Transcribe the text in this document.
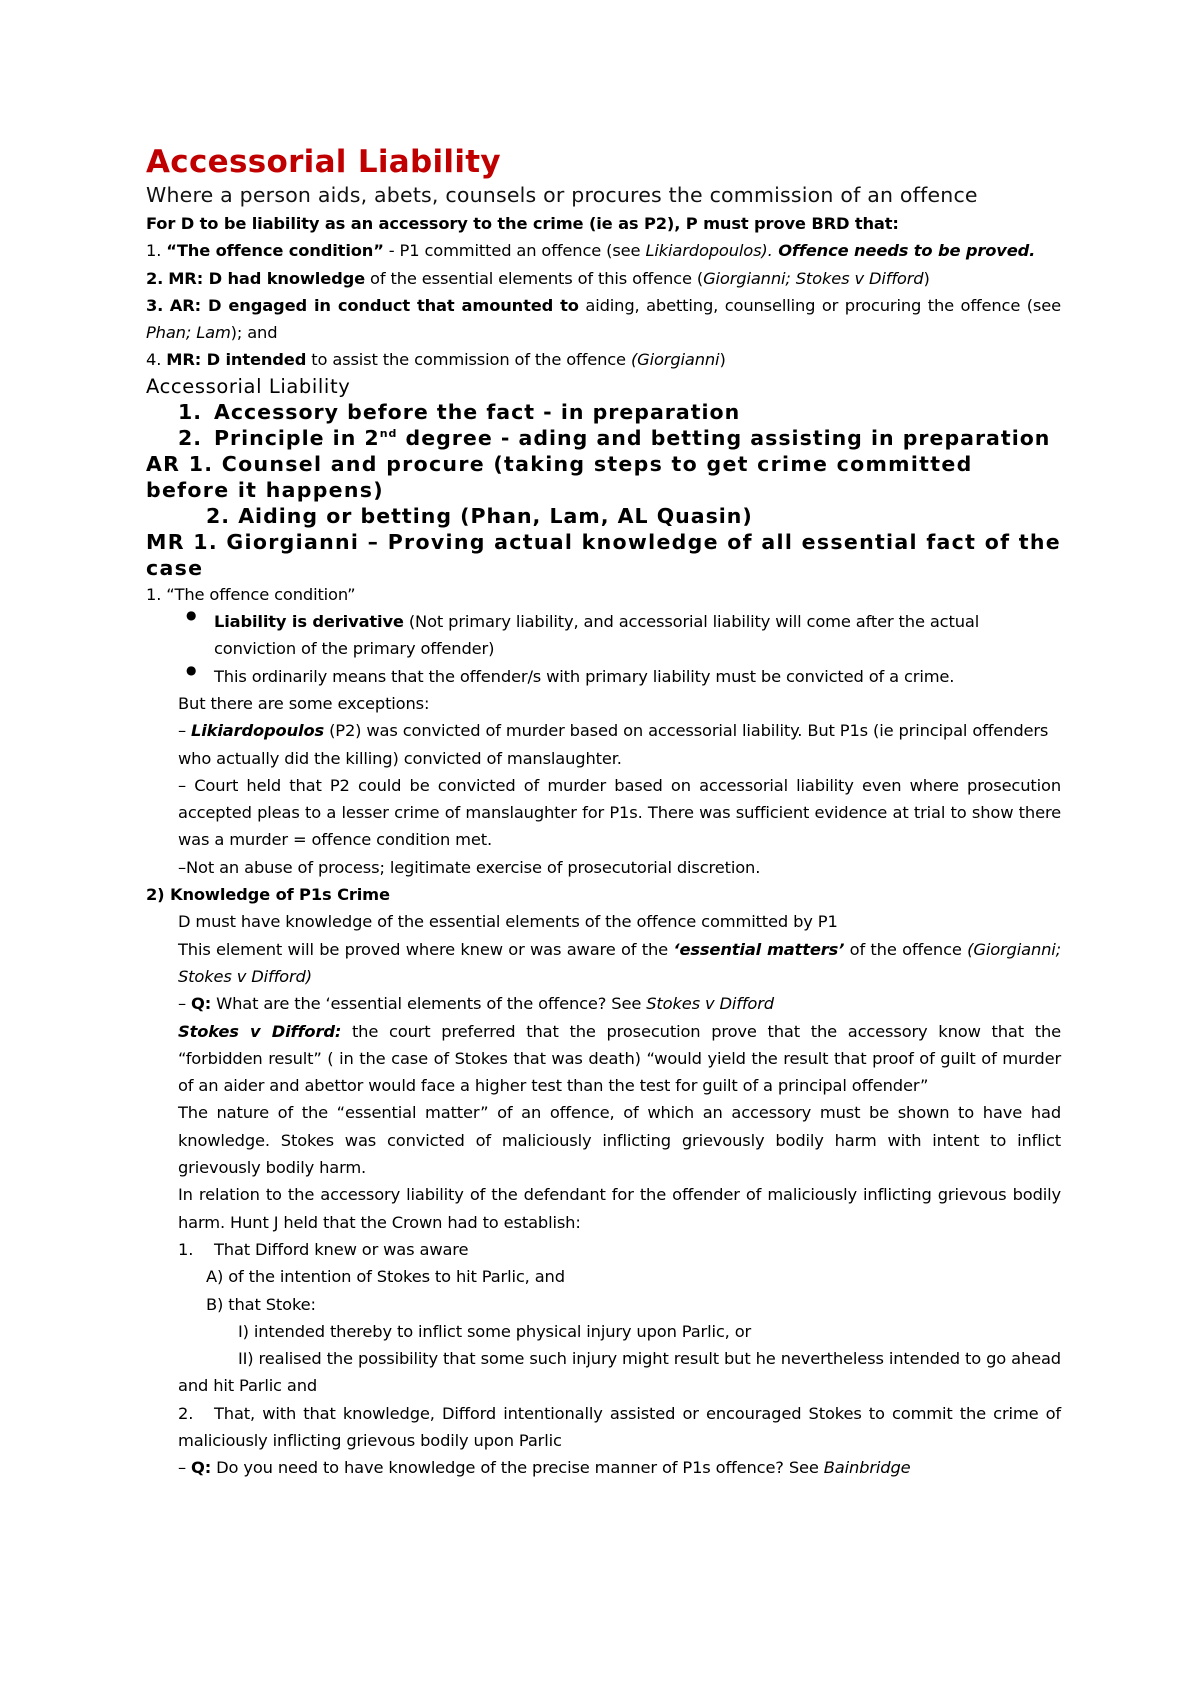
Accessorial Liability

Where a person aids, abets, counsels or procures the commission of an offence

For D to be liability as an accessory to the crime (ie as P2), P must prove BRD that:

1. “The offence condition” - P1 committed an offence (see Likiardopoulos). Offence needs to be proved.

2. MR: D had knowledge of the essential elements of this offence (Giorgianni; Stokes v Difford)

3. AR: D engaged in conduct that amounted to aiding, abetting, counselling or procuring the offence (see Phan; Lam); and

4. MR: D intended to assist the commission of the offence (Giorgianni)

Accessorial Liability

1. Accessory before the fact - in preparation

2. Principle in 2nd degree - ading and betting assisting in preparation

AR 1. Counsel and procure (taking steps to get crime committed before it happens)

2. Aiding or betting (Phan, Lam, AL Quasin)

MR 1. Giorgianni – Proving actual knowledge of all essential fact of the case

1. “The offence condition”

●	Liability is derivative (Not primary liability, and accessorial liability will come after the actual conviction of the primary offender)

●	This ordinarily means that the offender/s with primary liability must be convicted of a crime.

But there are some exceptions:

– Likiardopoulos (P2) was convicted of murder based on accessorial liability. But P1s (ie principal offenders who actually did the killing) convicted of manslaughter.

– Court held that P2 could be convicted of murder based on accessorial liability even where prosecution accepted pleas to a lesser crime of manslaughter for P1s. There was sufficient evidence at trial to show there was a murder = offence condition met.

–Not an abuse of process; legitimate exercise of prosecutorial discretion.

2) Knowledge of P1s Crime

D must have knowledge of the essential elements of the offence committed by P1

This element will be proved where knew or was aware of the ‘essential matters’ of the offence (Giorgianni; Stokes v Difford)

– Q: What are the ‘essential elements of the offence? See Stokes v Difford

Stokes v Difford: the court preferred that the prosecution prove that the accessory know that the “forbidden result” ( in the case of Stokes that was death) “would yield the result that proof of guilt of murder of an aider and abettor would face a higher test than the test for guilt of a principal offender”

The nature of the “essential matter” of an offence, of which an accessory must be shown to have had knowledge. Stokes was convicted of maliciously inflicting grievously bodily harm with intent to inflict grievously bodily harm.

In relation to the accessory liability of the defendant for the offender of maliciously inflicting grievous bodily harm. Hunt J held that the Crown had to establish:

1.	That Difford knew or was aware

A) of the intention of Stokes to hit Parlic, and

B) that Stoke:

I) intended thereby to inflict some physical injury upon Parlic, or

II) realised the possibility that some such injury might result but he nevertheless intended to go ahead and hit Parlic and

2. That, with that knowledge, Difford intentionally assisted or encouraged Stokes to commit the crime of maliciously inflicting grievous bodily upon Parlic

– Q: Do you need to have knowledge of the precise manner of P1s offence? See Bainbridge
